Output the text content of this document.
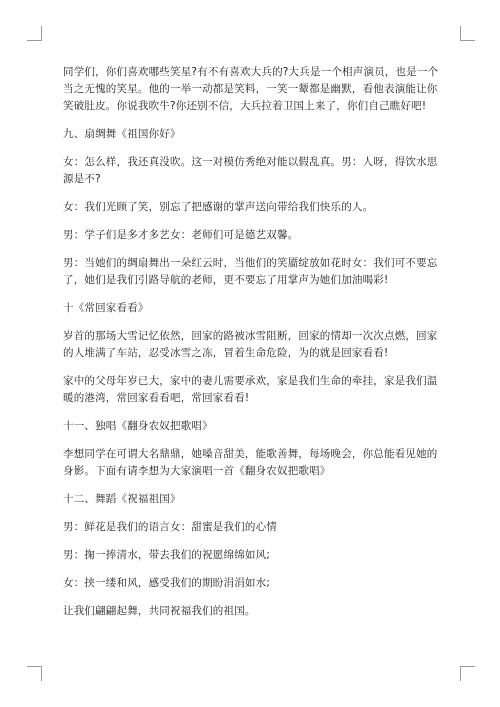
同学们，你们喜欢哪些笑星?有不有喜欢大兵的?大兵是一个相声演员，也是一个当之无愧的笑星。他的一举一动都是笑料，一笑一颦都是幽默，看他表演能让你笑破肚皮。你说我吹牛?你还别不信，大兵拉着卫国上来了，你们自己瞧好吧!

九、扇绸舞《祖国你好》

女：怎么样，我还真没吹。这一对模仿秀绝对能以假乱真。男：人呀，得饮水思源是不?

女：我们光顾了笑，别忘了把感谢的掌声送向带给我们快乐的人。

男：学子们是多才多艺女：老师们可是德艺双馨。

男：当她们的绸扇舞出一朵红云时，当他们的笑靥绽放如花时女：我们可不要忘了，她们是我们引路导航的老师，更不要忘了用掌声为她们加油喝彩!

十《常回家看看》

岁首的那场大雪记忆依然，回家的路被冰雪阻断，回家的情却一次次点燃，回家的人堆满了车站，忍受冰雪之冻，冒着生命危险，为的就是回家看看!

家中的父母年岁已大，家中的妻儿需要承欢，家是我们生命的牵挂，家是我们温暖的港湾，常回家看看吧，常回家看看!

十一、独唱《翻身农奴把歌唱》

李想同学在可谓大名鼎鼎，她嗓音甜美，能歌善舞，每场晚会，你总能看见她的身影。下面有请李想为大家演唱一首《翻身农奴把歌唱》

十二、舞蹈《祝福祖国》

男：鲜花是我们的语言女：甜蜜是我们的心情

男：掬一捧清水，带去我们的祝愿绵绵如风;

女：挟一缕和风，感受我们的期盼涓涓如水;

让我们翩翩起舞，共同祝福我们的祖国。
